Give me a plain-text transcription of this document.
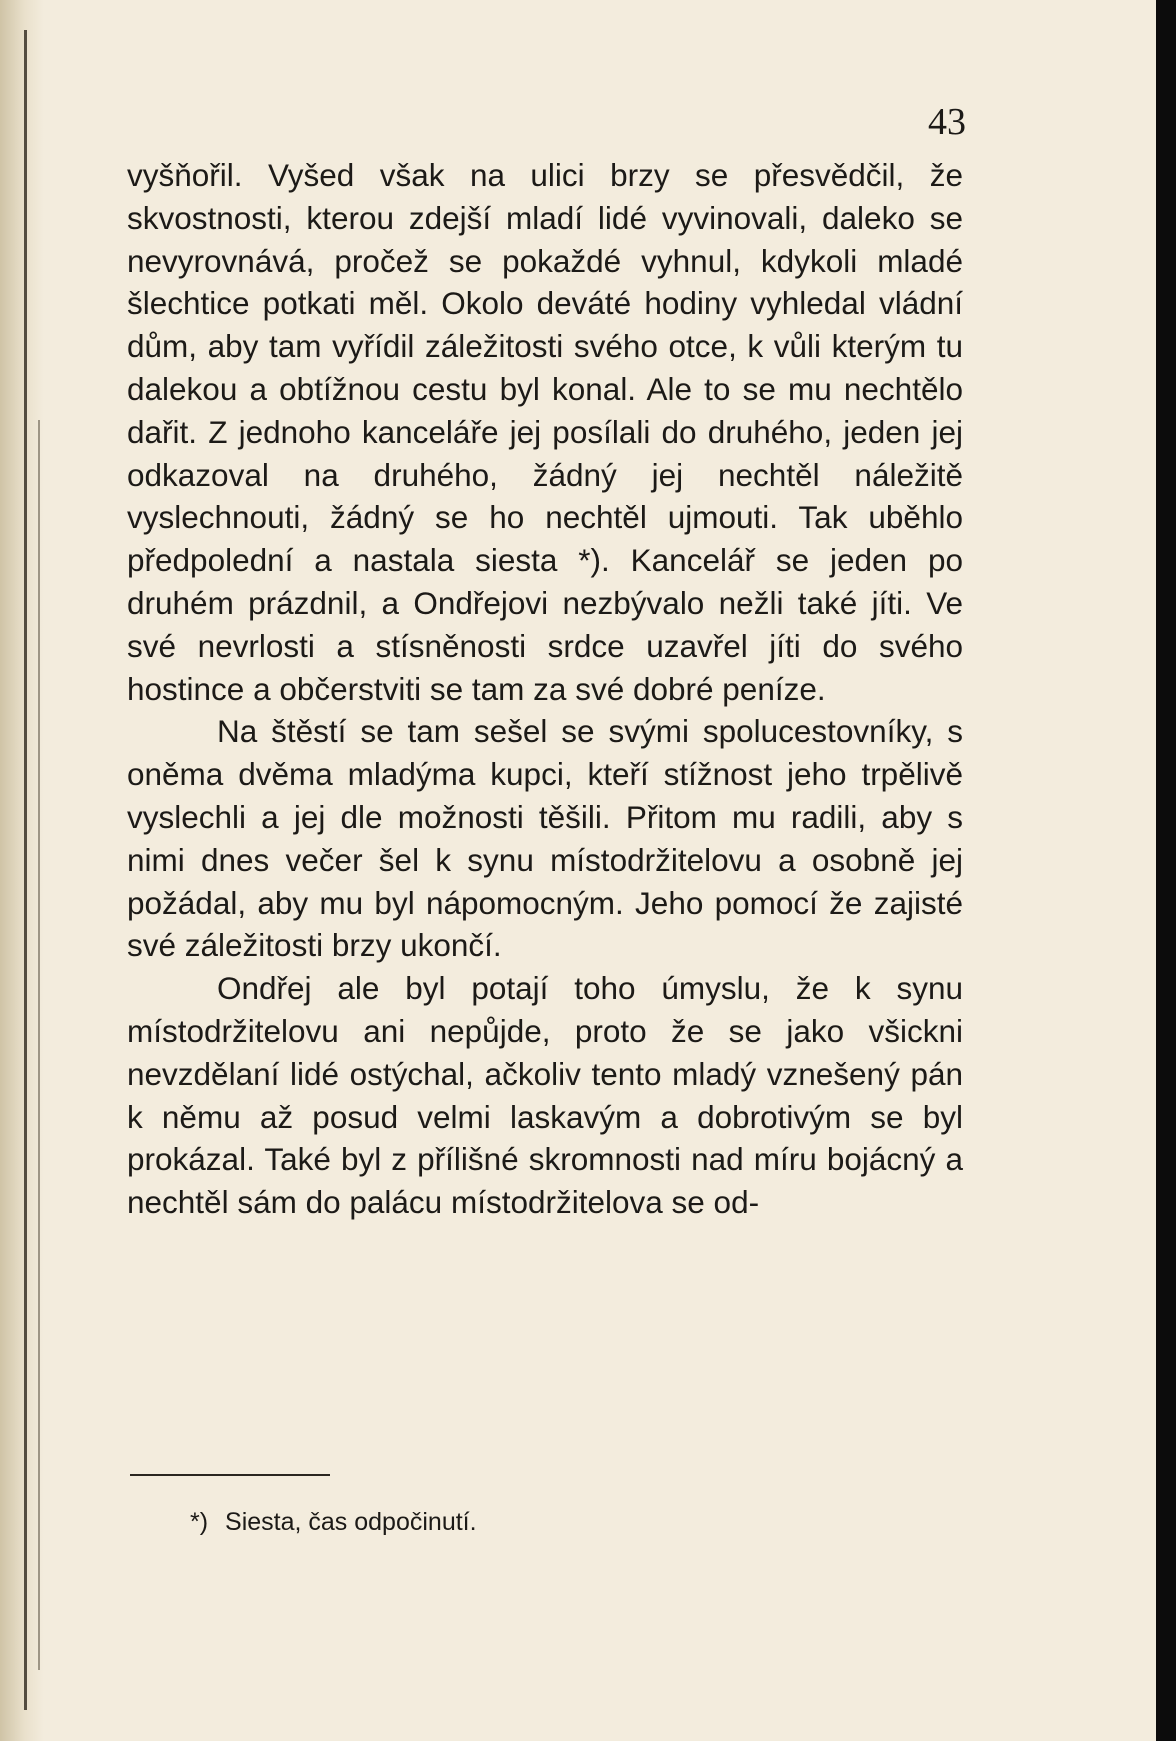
43

vyšňořil. Vyšed však na ulici brzy se přesvědčil, že skvostnosti, kterou zdejší mladí lidé vyvinovali, daleko se nevyrovnává, pročež se pokaždé vyhnul, kdykoli mladé šlechtice potkati měl. Okolo deváté hodiny vyhledal vládní dům, aby tam vyřídil záležitosti svého otce, k vůli kterým tu dalekou a obtížnou cestu byl konal. Ale to se mu nechtělo dařit. Z jednoho kanceláře jej posílali do druhého, jeden jej odkazoval na druhého, žádný jej nechtěl náležitě vyslechnouti, žádný se ho nechtěl ujmouti. Tak uběhlo předpolední a nastala siesta *). Kancelář se jeden po druhém prázdnil, a Ondřejovi nezbývalo nežli také jíti. Ve své nevrlosti a stísněnosti srdce uzavřel jíti do svého hostince a občerstviti se tam za své dobré peníze.

Na štěstí se tam sešel se svými spolucestovníky, s oněma dvěma mladýma kupci, kteří stížnost jeho trpělivě vyslechli a jej dle možnosti těšili. Přitom mu radili, aby s nimi dnes večer šel k synu místodržitelovu a osobně jej požádal, aby mu byl nápomocným. Jeho pomocí že zajisté své záležitosti brzy ukončí.

Ondřej ale byl potají toho úmyslu, že k synu místodržitelovu ani nepůjde, proto že se jako všickni nevzdělaní lidé ostýchal, ačkoliv tento mladý vznešený pán k němu až posud velmi laskavým a dobrotivým se byl prokázal. Také byl z přílišné skromnosti nad míru bojácný a nechtěl sám do palácu místodržitelova se od-

*) Siesta, čas odpočinutí.
